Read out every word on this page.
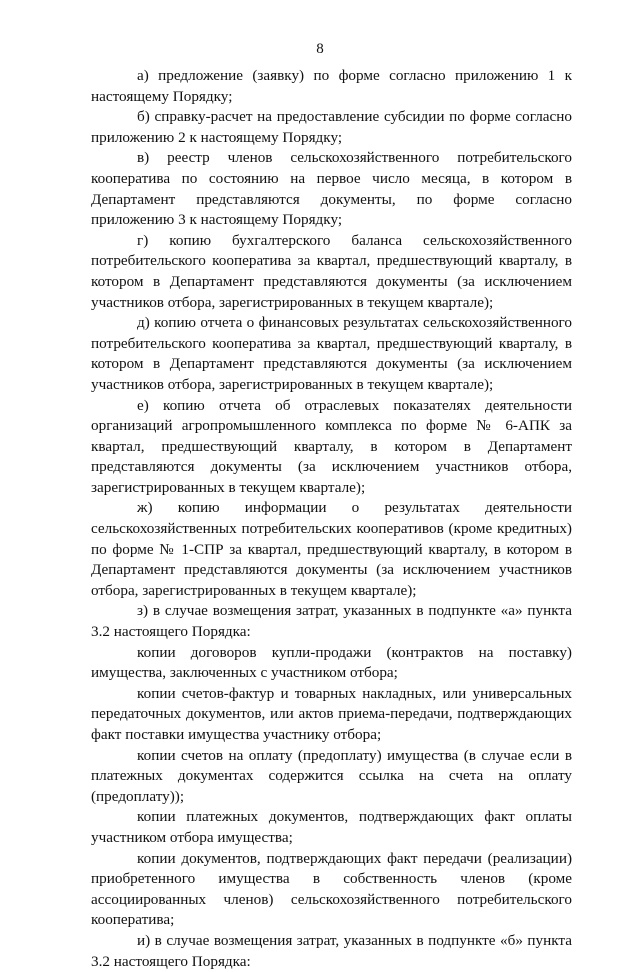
8

а) предложение (заявку) по форме согласно приложению 1 к настоящему Порядку;

б) справку-расчет на предоставление субсидии по форме согласно приложению 2 к настоящему Порядку;

в) реестр членов сельскохозяйственного потребительского кооператива по состоянию на первое число месяца, в котором в Департамент представляются документы, по форме согласно приложению 3 к настоящему Порядку;

г) копию бухгалтерского баланса сельскохозяйственного потребительского кооператива за квартал, предшествующий кварталу, в котором в Департамент представляются документы (за исключением участников отбора, зарегистрированных в текущем квартале);

д) копию отчета о финансовых результатах сельскохозяйственного потребительского кооператива за квартал, предшествующий кварталу, в котором в Департамент представляются документы (за исключением участников отбора, зарегистрированных в текущем квартале);

е) копию отчета об отраслевых показателях деятельности организаций агропромышленного комплекса по форме № 6-АПК за квартал, предшествующий кварталу, в котором в Департамент представляются документы (за исключением участников отбора, зарегистрированных в текущем квартале);

ж) копию информации о результатах деятельности сельскохозяйственных потребительских кооперативов (кроме кредитных) по форме № 1-СПР за квартал, предшествующий кварталу, в котором в Департамент представляются документы (за исключением участников отбора, зарегистрированных в текущем квартале);

з) в случае возмещения затрат, указанных в подпункте «а» пункта 3.2 настоящего Порядка:

копии договоров купли-продажи (контрактов на поставку) имущества, заключенных с участником отбора;

копии счетов-фактур и товарных накладных, или универсальных передаточных документов, или актов приема-передачи, подтверждающих факт поставки имущества участнику отбора;

копии счетов на оплату (предоплату) имущества (в случае если в платежных документах содержится ссылка на счета на оплату (предоплату));

копии платежных документов, подтверждающих факт оплаты участником отбора имущества;

копии документов, подтверждающих факт передачи (реализации) приобретенного имущества в собственность членов (кроме ассоциированных членов) сельскохозяйственного потребительского кооператива;

и) в случае возмещения затрат, указанных в подпункте «б» пункта 3.2 настоящего Порядка:
